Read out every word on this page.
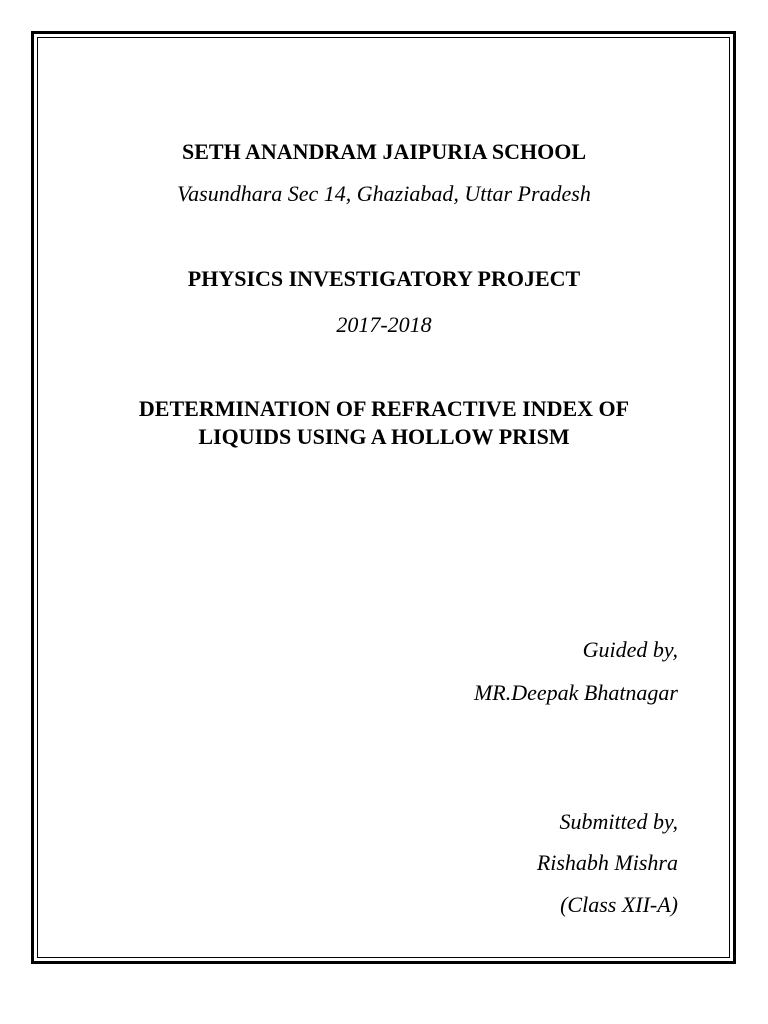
SETH ANANDRAM JAIPURIA SCHOOL
Vasundhara Sec 14, Ghaziabad, Uttar Pradesh
PHYSICS INVESTIGATORY PROJECT
2017-2018
DETERMINATION OF REFRACTIVE INDEX OF
LIQUIDS USING A HOLLOW PRISM
Guided by,
MR.Deepak Bhatnagar
Submitted by,
Rishabh Mishra
(Class XII-A)
